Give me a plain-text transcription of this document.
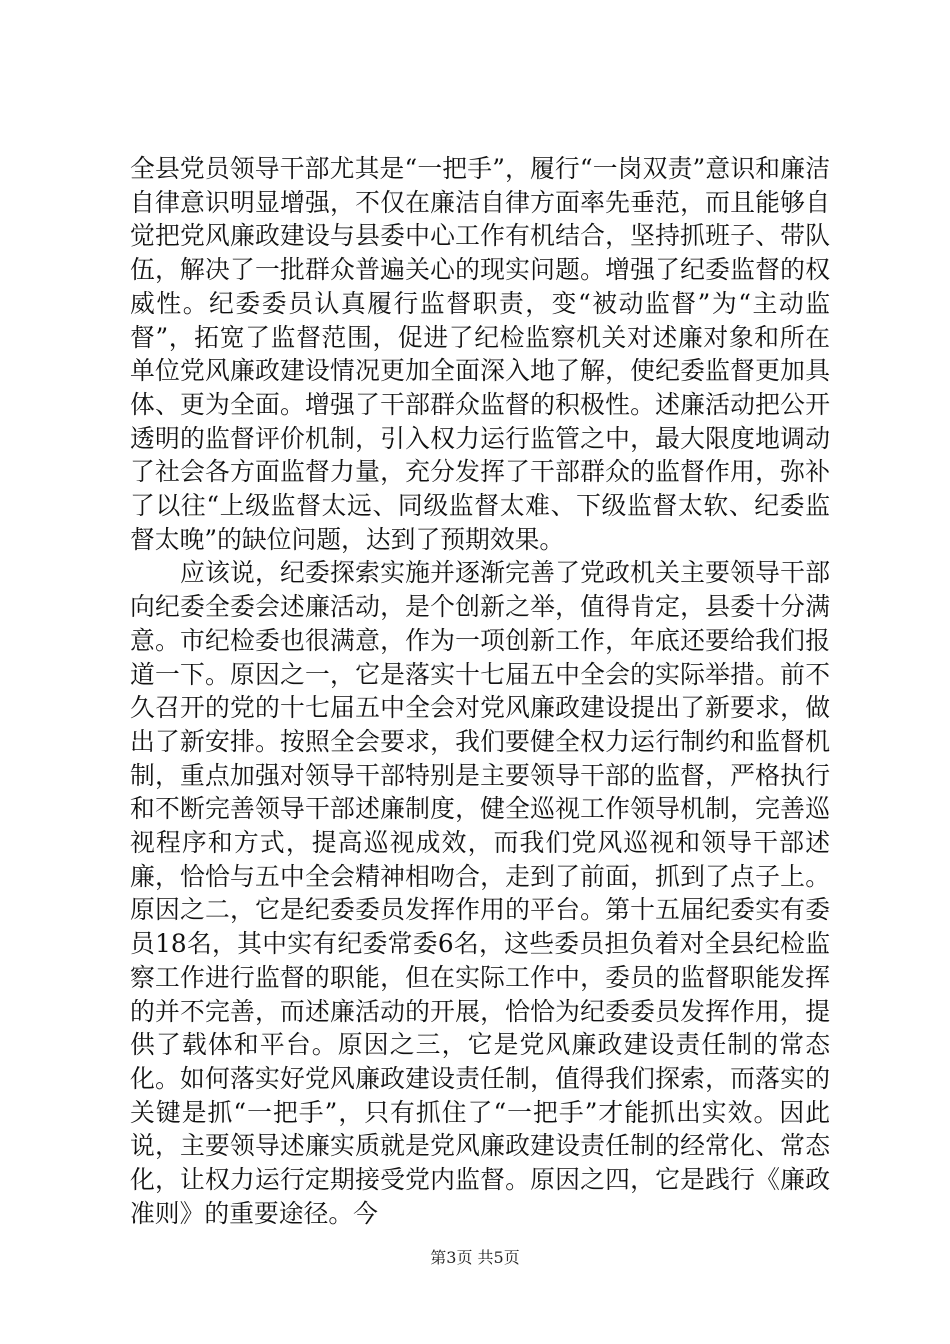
全县党员领导干部尤其是“一把手”，履行“一岗双责”意识和廉洁自律意识明显增强，不仅在廉洁自律方面率先垂范，而且能够自觉把党风廉政建设与县委中心工作有机结合，坚持抓班子、带队伍，解决了一批群众普遍关心的现实问题。增强了纪委监督的权威性。纪委委员认真履行监督职责，变“被动监督”为“主动监督”，拓宽了监督范围，促进了纪检监察机关对述廉对象和所在单位党风廉政建设情况更加全面深入地了解，使纪委监督更加具体、更为全面。增强了干部群众监督的积极性。述廉活动把公开透明的监督评价机制，引入权力运行监管之中，最大限度地调动了社会各方面监督力量，充分发挥了干部群众的监督作用，弥补了以往“上级监督太远、同级监督太难、下级监督太软、纪委监督太晚”的缺位问题，达到了预期效果。

　　应该说，纪委探索实施并逐渐完善了党政机关主要领导干部向纪委全委会述廉活动，是个创新之举，值得肯定，县委十分满意。市纪检委也很满意，作为一项创新工作，年底还要给我们报道一下。原因之一，它是落实十七届五中全会的实际举措。前不久召开的党的十七届五中全会对党风廉政建设提出了新要求，做出了新安排。按照全会要求，我们要健全权力运行制约和监督机制，重点加强对领导干部特别是主要领导干部的监督，严格执行和不断完善领导干部述廉制度，健全巡视工作领导机制，完善巡视程序和方式，提高巡视成效，而我们党风巡视和领导干部述廉，恰恰与五中全会精神相吻合，走到了前面，抓到了点子上。原因之二，它是纪委委员发挥作用的平台。第十五届纪委实有委员18名，其中实有纪委常委6名，这些委员担负着对全县纪检监察工作进行监督的职能，但在实际工作中，委员的监督职能发挥的并不完善，而述廉活动的开展，恰恰为纪委委员发挥作用，提供了载体和平台。原因之三，它是党风廉政建设责任制的常态化。如何落实好党风廉政建设责任制，值得我们探索，而落实的关键是抓“一把手”，只有抓住了“一把手”才能抓出实效。因此说，主要领导述廉实质就是党风廉政建设责任制的经常化、常态化，让权力运行定期接受党内监督。原因之四，它是践行《廉政准则》的重要途径。今

第3页 共5页
